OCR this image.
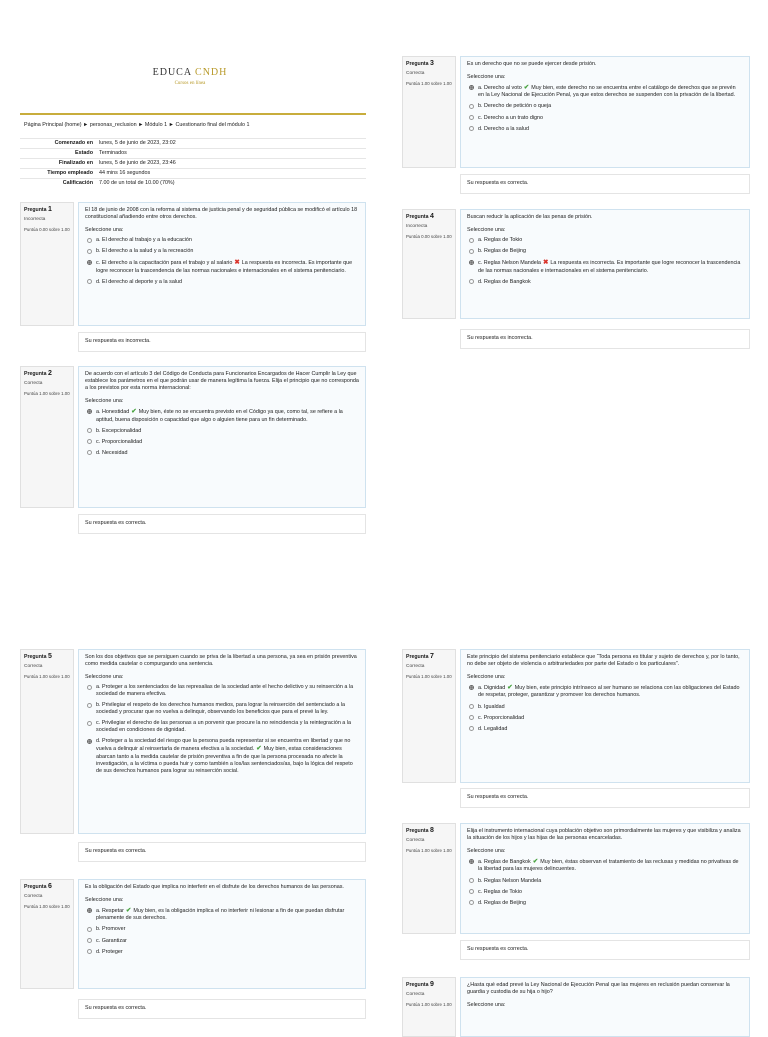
EDUCA CNDH
Cursos en línea
Página Principal (home) ► personas_reclusion ► Módulo 1 ► Cuestionario final del módulo 1
Comenzado en	lunes, 5 de junio de 2023, 23:02
Estado	Terminados
Finalizado en	lunes, 5 de junio de 2023, 23:46
Tiempo empleado	44 mins 16 segundos
Calificación	7.00 de un total de 10.00 (70%)
Pregunta 1
Incorrecta
Puntúa 0.00 sobre 1.00
El 18 de junio de 2008 con la reforma al sistema de justicia penal y de seguridad pública se modificó el artículo 18 constitucional añadiendo entre otros derechos.
Seleccione una:
a. El derecho al trabajo y a la educación
b. El derecho a la salud y a la recreación
c. El derecho a la capacitación para el trabajo y al salario ✖ La respuesta es incorrecta. Es importante que logre reconocer la trascendencia de las normas nacionales e internacionales en el sistema penitenciario.
d. El derecho al deporte y a la salud
Su respuesta es incorrecta.
Pregunta 2
Correcta
Puntúa 1.00 sobre 1.00
De acuerdo con el artículo 3 del Código de Conducta para Funcionarios Encargados de Hacer Cumplir la Ley que establece los parámetros en el que podrán usar de manera legítima la fuerza. Elija el principio que no corresponda a los previstos por esta norma internacional:
Seleccione una:
a. Honestidad ✔ Muy bien, éste no se encuentra previsto en el Código ya que, como tal, se refiere a la aptitud, buena disposición o capacidad que algo o alguien tiene para un fin determinado.
b. Excepcionalidad
c. Proporcionalidad
d. Necesidad
Su respuesta es correcta.
Pregunta 3
Correcta
Puntúa 1.00 sobre 1.00
Es un derecho que no se puede ejercer desde prisión.
Seleccione una:
a. Derecho al voto ✔ Muy bien, este derecho no se encuentra entre el catálogo de derechos que se prevén en la Ley Nacional de Ejecución Penal, ya que estos derechos se suspenden con la privación de la libertad.
b. Derecho de petición o queja
c. Derecho a un trato digno
d. Derecho a la salud
Su respuesta es correcta.
Pregunta 4
Incorrecta
Puntúa 0.00 sobre 1.00
Buscan reducir la aplicación de las penas de prisión.
Seleccione una:
a. Reglas de Tokio
b. Reglas de Beijing
c. Reglas Nelson Mandela ✖ La respuesta es incorrecta. Es importante que logre reconocer la trascendencia de las normas nacionales e internacionales en el sistema penitenciario.
d. Reglas de Bangkok
Su respuesta es incorrecta.
Pregunta 5
Correcta
Puntúa 1.00 sobre 1.00
Son los dos objetivos que se persiguen cuando se priva de la libertad a una persona, ya sea en prisión preventiva como medida cautelar o compurgando una sentencia.
Seleccione una:
a. Proteger a los sentenciados de las represalias de la sociedad ante el hecho delictivo y su reinserción a la sociedad de manera efectiva.
b. Privilegiar el respeto de los derechos humanos medios, para lograr la reinserción del sentenciado a la sociedad y procurar que no vuelva a delinquir, observando los beneficios que para el prevé la ley.
c. Privilegiar el derecho de las personas a un porvenir que procure la no reincidencia y la reintegración a la sociedad en condiciones de dignidad.
d. Proteger a la sociedad del riesgo que la persona pueda representar si se encuentra en libertad y que no vuelva a delinquir al reinsertarla de manera efectiva a la sociedad. ✔ Muy bien, estas consideraciones abarcan tanto a la medida cautelar de prisión preventiva a fin de que la persona procesada no afecte la investigación, a la víctima o pueda huir y como también a los/las sentenciados/as, bajo la lógica del respeto de sus derechos humanos para lograr su reinserción social.
Su respuesta es correcta.
Pregunta 6
Correcta
Puntúa 1.00 sobre 1.00
Es la obligación del Estado que implica no interferir en el disfrute de los derechos humanos de las personas.
Seleccione una:
a. Respetar ✔ Muy bien, es la obligación implica el no interferir ni lesionar a fin de que puedan disfrutar plenamente de sus derechos.
b. Promover
c. Garantizar
d. Proteger
Su respuesta es correcta.
Pregunta 7
Correcta
Puntúa 1.00 sobre 1.00
Este principio del sistema penitenciario establece que “Toda persona es titular y sujeto de derechos y, por lo tanto, no debe ser objeto de violencia o arbitrariedades por parte del Estado o los particulares”.
Seleccione una:
a. Dignidad ✔ Muy bien, este principio intrínseco al ser humano se relaciona con las obligaciones del Estado de respetar, proteger, garantizar y promover los derechos humanos.
b. Igualdad
c. Proporcionalidad
d. Legalidad
Su respuesta es correcta.
Pregunta 8
Correcta
Puntúa 1.00 sobre 1.00
Elija el instrumento internacional cuya población objetivo son primordialmente las mujeres y que visibiliza y analiza la situación de los hijos y las hijas de las personas encarceladas.
Seleccione una:
a. Reglas de Bangkok ✔ Muy bien, éstas observan el tratamiento de las reclusas y medidas no privativas de la libertad para las mujeres delincuentes.
b. Reglas Nelson Mandela
c. Reglas de Tokio
d. Reglas de Beijing
Su respuesta es correcta.
Pregunta 9
Correcta
Puntúa 1.00 sobre 1.00
¿Hasta qué edad prevé la Ley Nacional de Ejecución Penal que las mujeres en reclusión puedan conservar la guardia y custodia de su hija o hijo?
Seleccione una:
